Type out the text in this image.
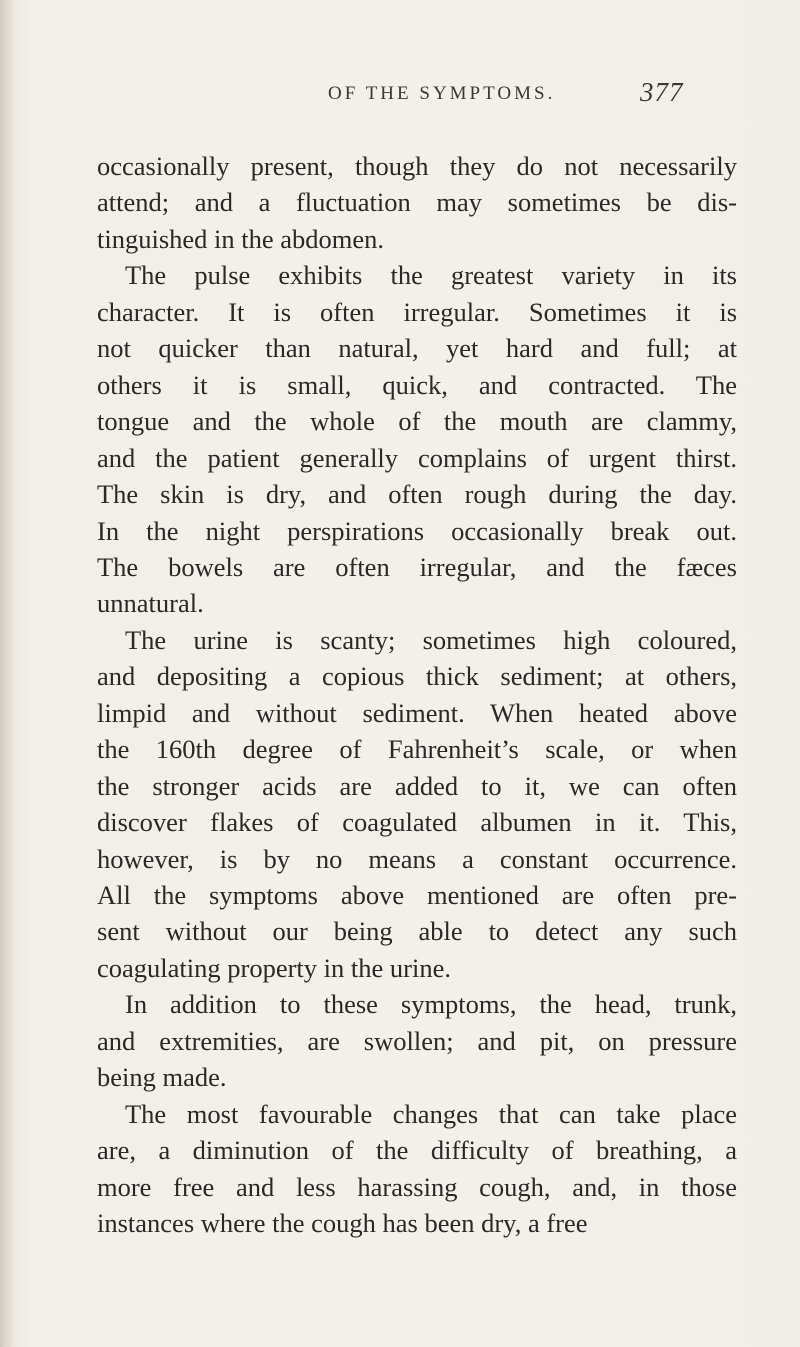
OF THE SYMPTOMS.	377
occasionally present, though they do not necessarily
attend; and a fluctuation may sometimes be dis-
tinguished in the abdomen.
The pulse exhibits the greatest variety in its
character. It is often irregular. Sometimes it is
not quicker than natural, yet hard and full; at
others it is small, quick, and contracted. The
tongue and the whole of the mouth are clammy,
and the patient generally complains of urgent thirst.
The skin is dry, and often rough during the day.
In the night perspirations occasionally break out.
The bowels are often irregular, and the fæces
unnatural.
The urine is scanty; sometimes high coloured,
and depositing a copious thick sediment; at others,
limpid and without sediment. When heated above
the 160th degree of Fahrenheit’s scale, or when
the stronger acids are added to it, we can often
discover flakes of coagulated albumen in it. This,
however, is by no means a constant occurrence.
All the symptoms above mentioned are often pre-
sent without our being able to detect any such
coagulating property in the urine.
In addition to these symptoms, the head, trunk,
and extremities, are swollen; and pit, on pressure
being made.
The most favourable changes that can take place
are, a diminution of the difficulty of breathing, a
more free and less harassing cough, and, in those
instances where the cough has been dry, a free
